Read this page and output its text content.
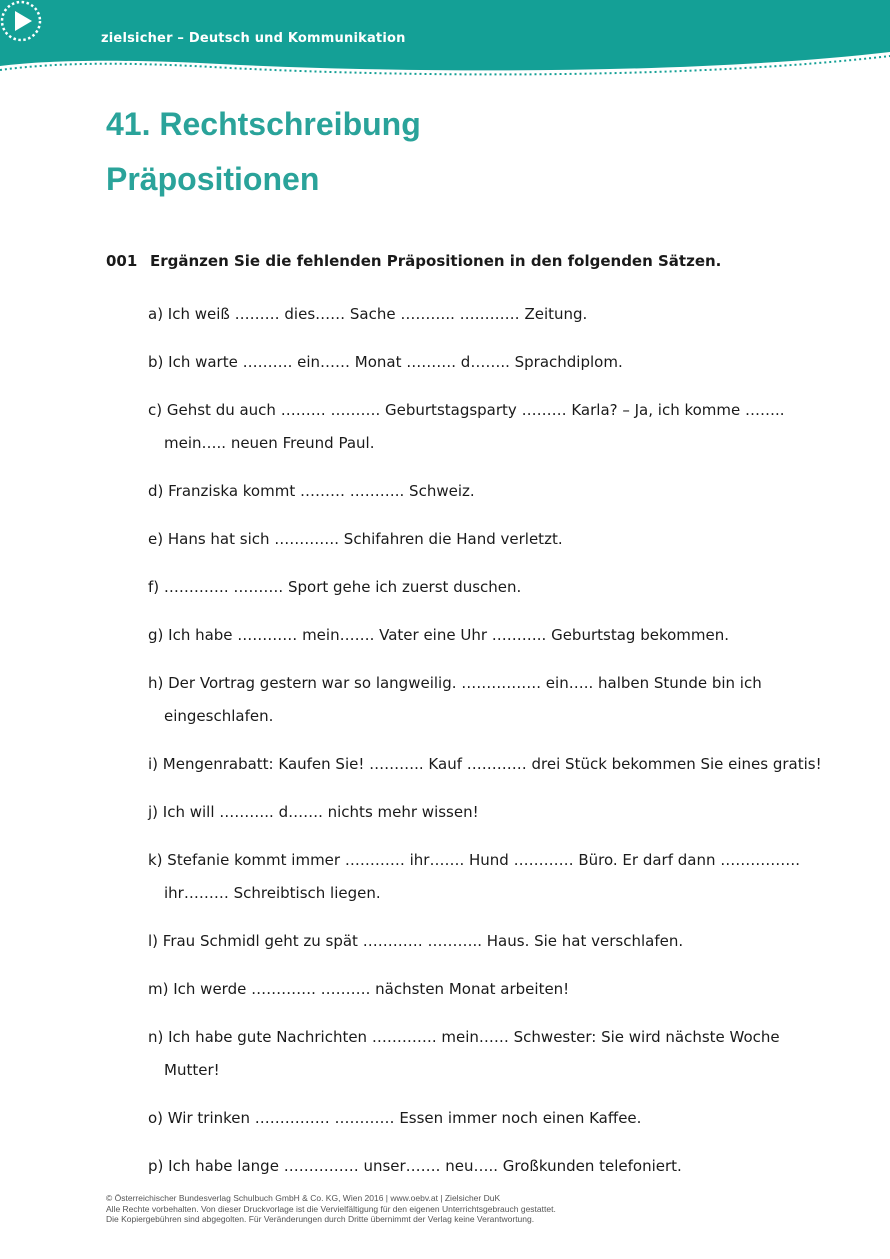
zielsicher – Deutsch und Kommunikation
41. Rechtschreibung
Präpositionen
001 Ergänzen Sie die fehlenden Präpositionen in den folgenden Sätzen.
a) Ich weiß ……… dies…… Sache ……….. ………… Zeitung.
b) Ich warte ………. ein…… Monat ………. d…….. Sprachdiplom.
c) Gehst du auch ……… ………. Geburtstagsparty ……… Karla? – Ja, ich komme ……..
mein….. neuen Freund Paul.
d) Franziska kommt ……… ……….. Schweiz.
e) Hans hat sich …………. Schifahren die Hand verletzt.
f) …………. ………. Sport gehe ich zuerst duschen.
g) Ich habe ………… mein……. Vater eine Uhr ……….. Geburtstag bekommen.
h) Der Vortrag gestern war so langweilig. ……………. ein….. halben Stunde bin ich
eingeschlafen.
i) Mengenrabatt: Kaufen Sie! ……….. Kauf ………… drei Stück bekommen Sie eines gratis!
j) Ich will ……….. d……. nichts mehr wissen!
k) Stefanie kommt immer ………… ihr……. Hund ………… Büro. Er darf dann …………….
ihr……… Schreibtisch liegen.
l) Frau Schmidl geht zu spät ………… ……….. Haus. Sie hat verschlafen.
m) Ich werde …………. ………. nächsten Monat arbeiten!
n) Ich habe gute Nachrichten …………. mein…… Schwester: Sie wird nächste Woche
Mutter!
o) Wir trinken …………… ………… Essen immer noch einen Kaffee.
p) Ich habe lange …………… unser……. neu….. Großkunden telefoniert.
© Österreichischer Bundesverlag Schulbuch GmbH & Co. KG, Wien 2016 | www.oebv.at | Zielsicher DuK
Alle Rechte vorbehalten. Von dieser Druckvorlage ist die Vervielfältigung für den eigenen Unterrichtsgebrauch gestattet.
Die Kopiergebühren sind abgegolten. Für Veränderungen durch Dritte übernimmt der Verlag keine Verantwortung.
